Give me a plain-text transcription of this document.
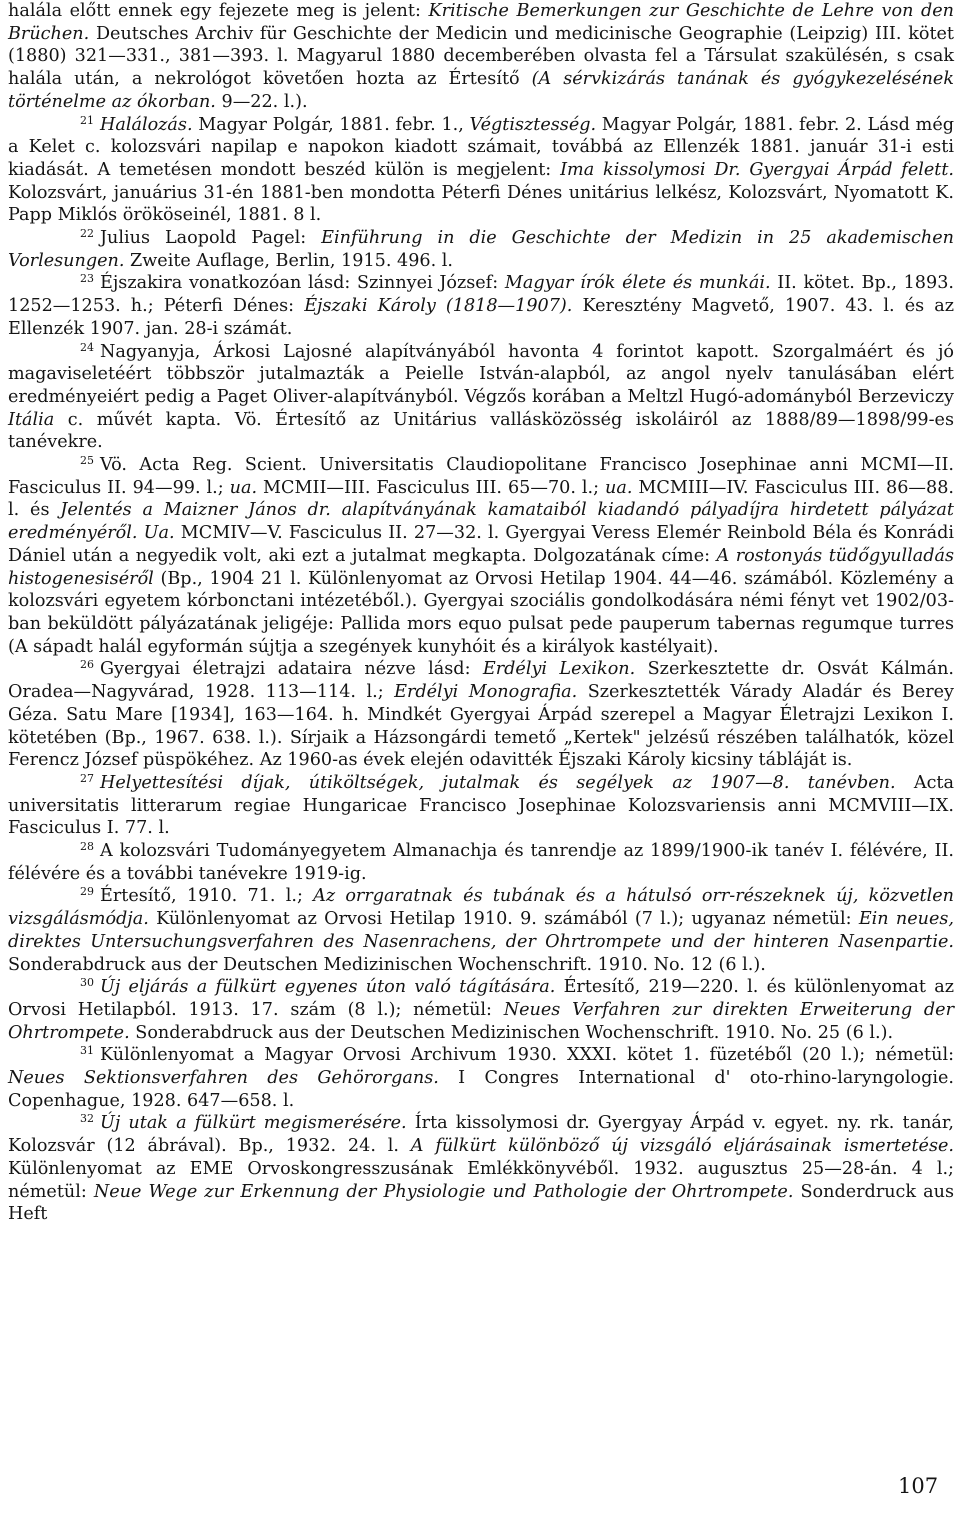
halála előtt ennek egy fejezete meg is jelent: Kritische Bemerkungen zur Geschichte de Lehre von den Brüchen. Deutsches Archiv für Geschichte der Medicin und medicinische Geographie (Leipzig) III. kötet (1880) 321—331., 381—393. l. Magyarul 1880 decemberében olvasta fel a Társulat szakülésén, s csak halála után, a nekrológot követően hozta az Értesítő (A sérvkizárás tanának és gyógykezelésének történelme az ókorban. 9—22. l.).

$^{21}$ Halálozás. Magyar Polgár, 1881. febr. 1., Végtisztesség. Magyar Polgár, 1881. febr. 2. Lásd még a Kelet c. kolozsvári napilap e napokon kiadott számait, továbbá az Ellenzék 1881. január 31-i esti kiadását. A temetésen mondott beszéd külön is megjelent: Ima kissolymosi Dr. Gyergyai Árpád felett. Kolozsvárt, januárius 31-én 1881-ben mondotta Péterfi Dénes unitárius lelkész, Kolozsvárt, Nyomatott K. Papp Miklós örököseinél, 1881. 8 l.

$^{22}$ Julius Laopold Pagel: Einführung in die Geschichte der Medizin in 25 akademischen Vorlesungen. Zweite Auflage, Berlin, 1915. 496. l.

$^{23}$ Éjszakira vonatkozóan lásd: Szinnyei József: Magyar írók élete és munkái. II. kötet. Bp., 1893. 1252—1253. h.; Péterfi Dénes: Éjszaki Károly (1818—1907). Keresztény Magvető, 1907. 43. l. és az Ellenzék 1907. jan. 28-i számát.

$^{24}$ Nagyanyja, Árkosi Lajosné alapítványából havonta 4 forintot kapott. Szorgalmáért és jó magaviseletéért többször jutalmazták a Peielle István-alapból, az angol nyelv tanulásában elért eredményeiért pedig a Paget Oliver-alapítványból. Végzős korában a Meltzl Hugó-adományból Berzeviczy Itália c. művét kapta. Vö. Értesítő az Unitárius vallásközösség iskoláiról az 1888/89—1898/99-es tanévekre.

$^{25}$ Vö. Acta Reg. Scient. Universitatis Claudiopolitane Francisco Josephinae anni MCMI—II. Fasciculus II. 94—99. l.; ua. MCMII—III. Fasciculus III. 65—70. l.; ua. MCMIII—IV. Fasciculus III. 86—88. l. és Jelentés a Maizner János dr. alapítványának kamataiból kiadandó pályadíjra hirdetett pályázat eredményéről. Ua. MCMIV—V. Fasciculus II. 27—32. l. Gyergyai Veress Elemér Reinbold Béla és Konrádi Dániel után a negyedik volt, aki ezt a jutalmat megkapta. Dolgozatának címe: A rostonyás tüdőgyulladás histogenesiséről (Bp., 1904 21 l. Különlenyomat az Orvosi Hetilap 1904. 44—46. számából. Közlemény a kolozsvári egyetem kórbonctani intézetéből.). Gyergyai szociális gondolkodására némi fényt vet 1902/03-ban beküldött pályázatának jeligéje: Pallida mors equo pulsat pede pauperum tabernas regumque turres (A sápadt halál egyformán sújtja a szegények kunyhóit és a királyok kastélyait).

$^{26}$ Gyergyai életrajzi adataira nézve lásd: Erdélyi Lexikon. Szerkesztette dr. Osvát Kálmán. Oradea—Nagyvárad, 1928. 113—114. l.; Erdélyi Monografia. Szerkesztették Várady Aladár és Berey Géza. Satu Mare [1934], 163—164. h. Mindkét Gyergyai Árpád szerepel a Magyar Életrajzi Lexikon I. kötetében (Bp., 1967. 638. l.). Sírjaik a Házsongárdi temető „Kertek" jelzésű részében találhatók, közel Ferencz József püspökéhez. Az 1960-as évek elején odavitték Éjszaki Károly kicsiny tábláját is.

$^{27}$ Helyettesítési díjak, útiköltségek, jutalmak és segélyek az 1907—8. tanévben. Acta universitatis litterarum regiae Hungaricae Francisco Josephinae Kolozsvariensis anni MCMVIII—IX. Fasciculus I. 77. l.

$^{28}$ A kolozsvári Tudományegyetem Almanachja és tanrendje az 1899/1900-ik tanév I. félévére, II. félévére és a további tanévekre 1919-ig.

$^{29}$ Értesítő, 1910. 71. l.; Az orrgaratnak és tubának és a hátulsó orr-részeknek új, közvetlen vizsgálásmódja. Különlenyomat az Orvosi Hetilap 1910. 9. számából (7 l.); ugyanaz németül: Ein neues, direktes Untersuchungsverfahren des Nasenrachens, der Ohrtrompete und der hinteren Nasenpartie. Sonderabdruck aus der Deutschen Medizinischen Wochenschrift. 1910. No. 12 (6 l.).

$^{30}$ Új eljárás a fülkürt egyenes úton való tágítására. Értesítő, 219—220. l. és különlenyomat az Orvosi Hetilapból. 1913. 17. szám (8 l.); németül: Neues Verfahren zur direkten Erweiterung der Ohrtrompete. Sonderabdruck aus der Deutschen Medizinischen Wochenschrift. 1910. No. 25 (6 l.).

$^{31}$ Különlenyomat a Magyar Orvosi Archivum 1930. XXXI. kötet 1. füzetéből (20 l.); németül: Neues Sektionsverfahren des Gehörorgans. I Congres International d' oto-rhino-laryngologie. Copenhague, 1928. 647—658. l.

$^{32}$ Új utak a fülkürt megismerésére. Írta kissolymosi dr. Gyergyay Árpád v. egyet. ny. rk. tanár, Kolozsvár (12 ábrával). Bp., 1932. 24. l. A fülkürt különböző új vizsgáló eljárásainak ismertetése. Különlenyomat az EME Orvoskongresszusának Emlékkönyvéből. 1932. augusztus 25—28-án. 4 l.; németül: Neue Wege zur Erkennung der Physiologie und Pathologie der Ohrtrompete. Sonderdruck aus Heft

107
